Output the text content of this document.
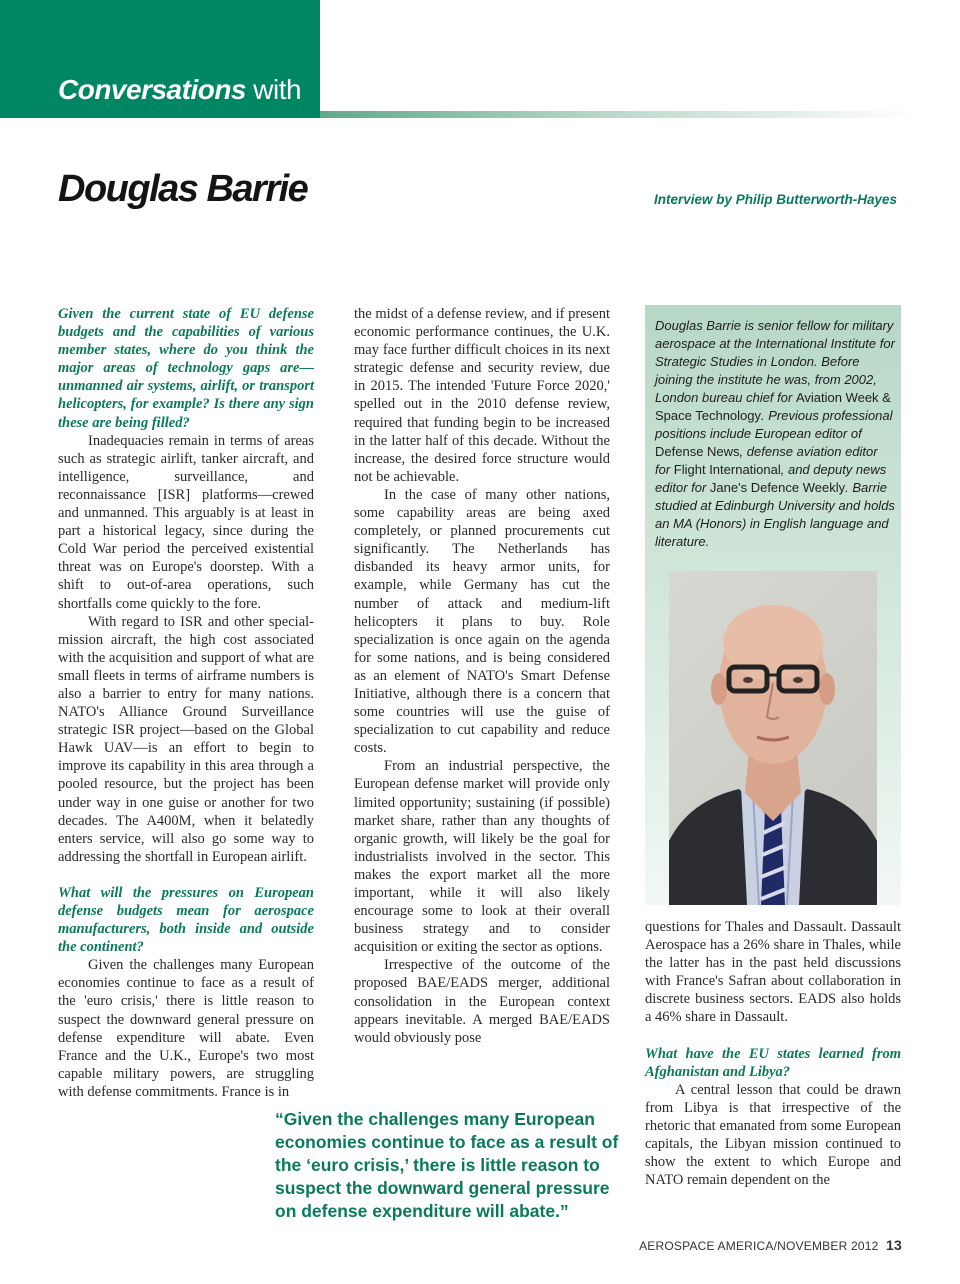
Conversations with
Douglas Barrie	Interview by Philip Butterworth-Hayes

Given the current state of EU defense budgets and the capabilities of various member states, where do you think the major areas of technology gaps are—unmanned air systems, airlift, or transport helicopters, for example? Is there any sign these are being filled?

Inadequacies remain in terms of areas such as strategic airlift, tanker aircraft, and intelligence, surveillance, and reconnaissance [ISR] platforms—crewed and unmanned. This arguably is at least in part a historical legacy, since during the Cold War period the perceived existential threat was on Europe's doorstep. With a shift to out-of-area operations, such shortfalls come quickly to the fore.

With regard to ISR and other special-mission aircraft, the high cost associated with the acquisition and support of what are small fleets in terms of airframe numbers is also a barrier to entry for many nations. NATO's Alliance Ground Surveillance strategic ISR project—based on the Global Hawk UAV—is an effort to begin to improve its capability in this area through a pooled resource, but the project has been under way in one guise or another for two decades. The A400M, when it belatedly enters service, will also go some way to addressing the shortfall in European airlift.

What will the pressures on European defense budgets mean for aerospace manufacturers, both inside and outside the continent?

Given the challenges many European economies continue to face as a result of the 'euro crisis,' there is little reason to suspect the downward general pressure on defense expenditure will abate. Even France and the U.K., Europe's two most capable military powers, are struggling with defense commitments. France is in

the midst of a defense review, and if present economic performance continues, the U.K. may face further difficult choices in its next strategic defense and security review, due in 2015. The intended 'Future Force 2020,' spelled out in the 2010 defense review, required that funding begin to be increased in the latter half of this decade. Without the increase, the desired force structure would not be achievable.

In the case of many other nations, some capability areas are being axed completely, or planned procurements cut significantly. The Netherlands has disbanded its heavy armor units, for example, while Germany has cut the number of attack and medium-lift helicopters it plans to buy. Role specialization is once again on the agenda for some nations, and is being considered as an element of NATO's Smart Defense Initiative, although there is a concern that some countries will use the guise of specialization to cut capability and reduce costs.

From an industrial perspective, the European defense market will provide only limited opportunity; sustaining (if possible) market share, rather than any thoughts of organic growth, will likely be the goal for industrialists involved in the sector. This makes the export market all the more important, while it will also likely encourage some to look at their overall business strategy and to consider acquisition or exiting the sector as options.

Irrespective of the outcome of the proposed BAE/EADS merger, additional consolidation in the European context appears inevitable. A merged BAE/EADS would obviously pose

Douglas Barrie is senior fellow for military aerospace at the International Institute for Strategic Studies in London. Before joining the institute he was, from 2002, London bureau chief for Aviation Week & Space Technology. Previous professional positions include European editor of Defense News, defense aviation editor for Flight International, and deputy news editor for Jane's Defence Weekly. Barrie studied at Edinburgh University and holds an MA (Honors) in English language and literature.

questions for Thales and Dassault. Dassault Aerospace has a 26% share in Thales, while the latter has in the past held discussions with France's Safran about collaboration in discrete business sectors. EADS also holds a 46% share in Dassault.

What have the EU states learned from Afghanistan and Libya?

A central lesson that could be drawn from Libya is that irrespective of the rhetoric that emanated from some European capitals, the Libyan mission continued to show the extent to which Europe and NATO remain dependent on the

“Given the challenges many European economies continue to face as a result of the ‘euro crisis,’ there is little reason to suspect the downward general pressure on defense expenditure will abate.”
AEROSPACE AMERICA/NOVEMBER 2012 13
